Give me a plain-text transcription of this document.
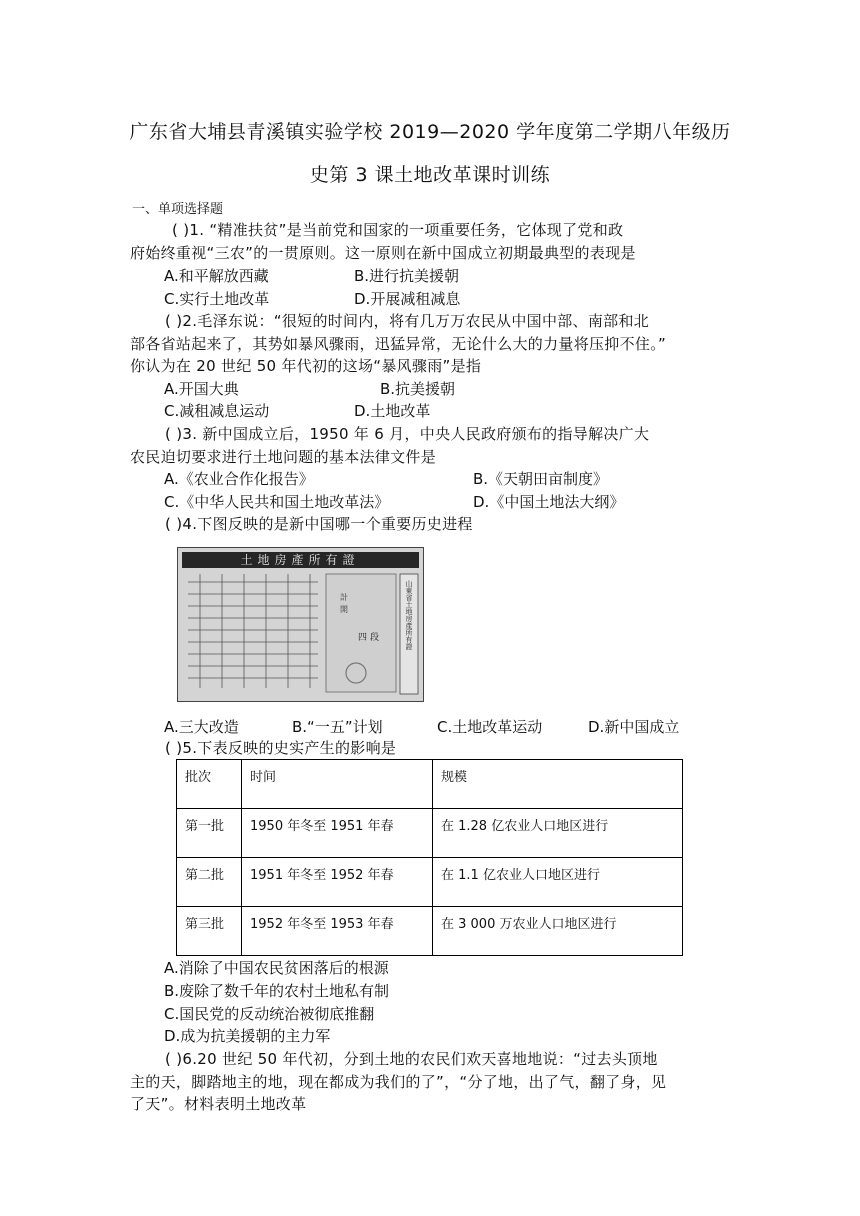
广东省大埔县青溪镇实验学校 2019—2020 学年度第二学期八年级历
史第 3 课土地改革课时训练
一、单项选择题
( )1. “精准扶贫”是当前党和国家的一项重要任务，它体现了党和政
府始终重视“三农”的一贯原则。这一原则在新中国成立初期最典型的表现是
A.和平解放西藏	B.进行抗美援朝
C.实行土地改革	D.开展减租减息
( )2.毛泽东说：“很短的时间内，将有几万万农民从中国中部、南部和北
部各省站起来了，其势如暴风骤雨，迅猛异常，无论什么大的力量将压抑不住。”
你认为在 20 世纪 50 年代初的这场“暴风骤雨”是指
A.开国大典	B.抗美援朝
C.减租减息运动	D.土地改革
( )3. 新中国成立后，1950 年 6 月，中央人民政府颁布的指导解决广大
农民迫切要求进行土地问题的基本法律文件是
A.《农业合作化报告》	B.《天朝田亩制度》
C.《中华人民共和国土地改革法》	D.《中国土地法大纲》
( )4.下图反映的是新中国哪一个重要历史进程
土地房產所有證
計
開
四 段	山東省土地房產所有證
A.三大改造	B.“一五”计划	C.土地改革运动	D.新中国成立
( )5.下表反映的史实产生的影响是
批次	时间	规模
第一批	1950 年冬至 1951 年春	在 1.28 亿农业人口地区进行
第二批	1951 年冬至 1952 年春	在 1.1 亿农业人口地区进行
第三批	1952 年冬至 1953 年春	在 3 000 万农业人口地区进行
A.消除了中国农民贫困落后的根源
B.废除了数千年的农村土地私有制
C.国民党的反动统治被彻底推翻
D.成为抗美援朝的主力军
( )6.20 世纪 50 年代初，分到土地的农民们欢天喜地地说：“过去头顶地
主的天，脚踏地主的地，现在都成为我们的了”，“分了地，出了气，翻了身，见
了天”。材料表明土地改革
